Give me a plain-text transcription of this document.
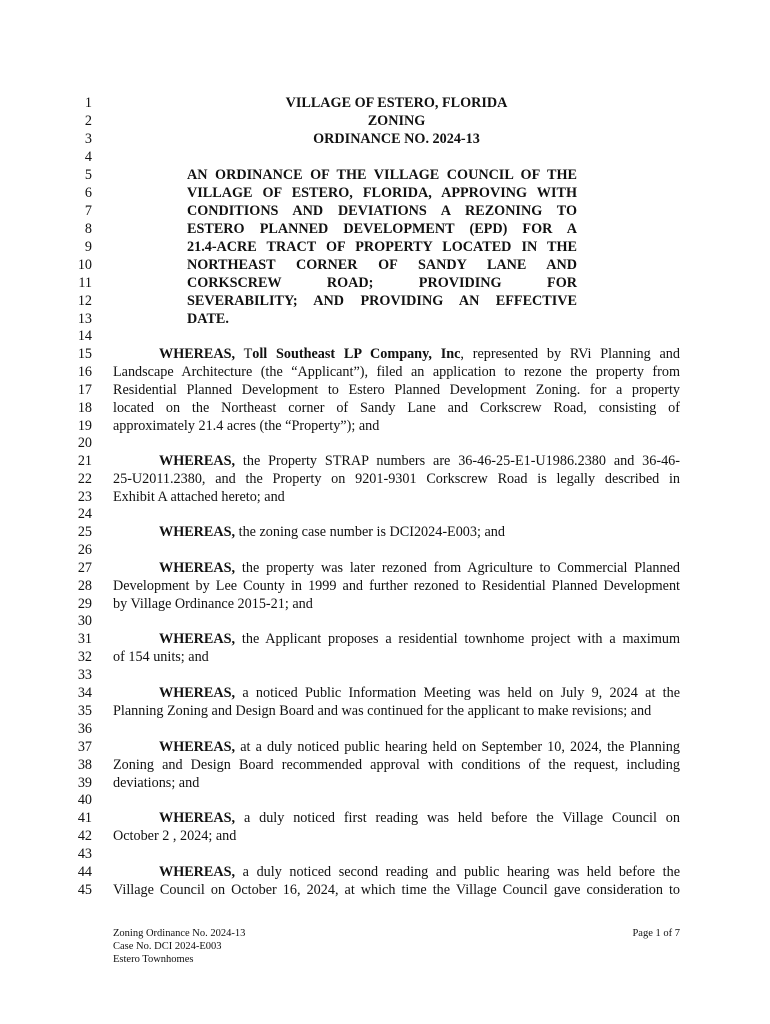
1
2
3
4
5
6
7
8
9
10
11
12
13
14
15
16
17
18
19
20
21
22
23
24
25
26
27
28
29
30
31
32
33
34
35
36
37
38
39
40
41
42
43
44
45
VILLAGE OF ESTERO, FLORIDA
ZONING
ORDINANCE NO. 2024-13
AN ORDINANCE OF THE VILLAGE COUNCIL OF THE
VILLAGE OF ESTERO, FLORIDA, APPROVING WITH
CONDITIONS AND DEVIATIONS A REZONING TO
ESTERO PLANNED DEVELOPMENT (EPD) FOR A
21.4-ACRE TRACT OF PROPERTY LOCATED IN THE
NORTHEAST CORNER OF SANDY LANE AND
CORKSCREW ROAD; PROVIDING FOR
SEVERABILITY; AND PROVIDING AN EFFECTIVE
DATE.
WHEREAS, Toll Southeast LP Company, Inc, represented by RVi Planning and
Landscape Architecture (the “Applicant”), filed an application to rezone the property from
Residential Planned Development to Estero Planned Development Zoning. for a property
located on the Northeast corner of Sandy Lane and Corkscrew Road, consisting of
approximately 21.4 acres (the “Property”); and
WHEREAS, the Property STRAP numbers are 36-46-25-E1-U1986.2380 and 36-46-
25-U2011.2380, and the Property on 9201-9301 Corkscrew Road is legally described in
Exhibit A attached hereto; and
WHEREAS, the zoning case number is DCI2024-E003; and
WHEREAS, the property was later rezoned from Agriculture to Commercial Planned
Development by Lee County in 1999 and further rezoned to Residential Planned Development
by Village Ordinance 2015-21; and
WHEREAS, the Applicant proposes a residential townhome project with a maximum
of 154 units; and
WHEREAS, a noticed Public Information Meeting was held on July 9, 2024 at the
Planning Zoning and Design Board and was continued for the applicant to make revisions; and
WHEREAS, at a duly noticed public hearing held on September 10, 2024, the Planning
Zoning and Design Board recommended approval with conditions of the request, including
deviations; and
WHEREAS, a duly noticed first reading was held before the Village Council on
October 2 , 2024; and
WHEREAS, a duly noticed second reading and public hearing was held before the
Village Council on October 16, 2024, at which time the Village Council gave consideration to
Zoning Ordinance No. 2024-13
Case No. DCI 2024-E003
Estero Townhomes
Page 1 of 7
